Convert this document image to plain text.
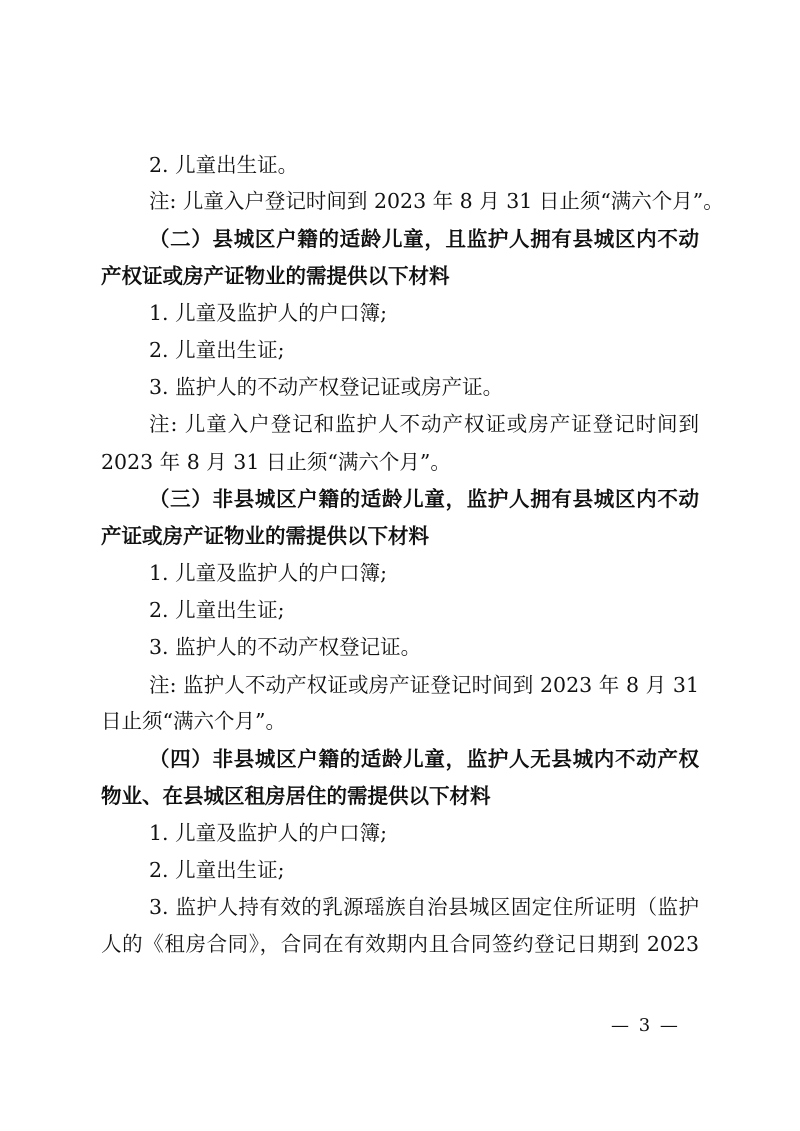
2. 儿童出生证。
注: 儿童入户登记时间到 2023 年 8 月 31 日止须“满六个月”。
（二）县城区户籍的适龄儿童，且监护人拥有县城区内不动
产权证或房产证物业的需提供以下材料
1. 儿童及监护人的户口簿;
2. 儿童出生证;
3. 监护人的不动产权登记证或房产证。
注: 儿童入户登记和监护人不动产权证或房产证登记时间到
2023 年 8 月 31 日止须“满六个月”。
（三）非县城区户籍的适龄儿童，监护人拥有县城区内不动
产证或房产证物业的需提供以下材料
1. 儿童及监护人的户口簿;
2. 儿童出生证;
3. 监护人的不动产权登记证。
注: 监护人不动产权证或房产证登记时间到 2023 年 8 月 31
日止须“满六个月”。
（四）非县城区户籍的适龄儿童，监护人无县城内不动产权
物业、在县城区租房居住的需提供以下材料
1. 儿童及监护人的户口簿;
2. 儿童出生证;
3. 监护人持有效的乳源瑶族自治县城区固定住所证明（监护
人的《租房合同》，合同在有效期内且合同签约登记日期到 2023
— 3 —
